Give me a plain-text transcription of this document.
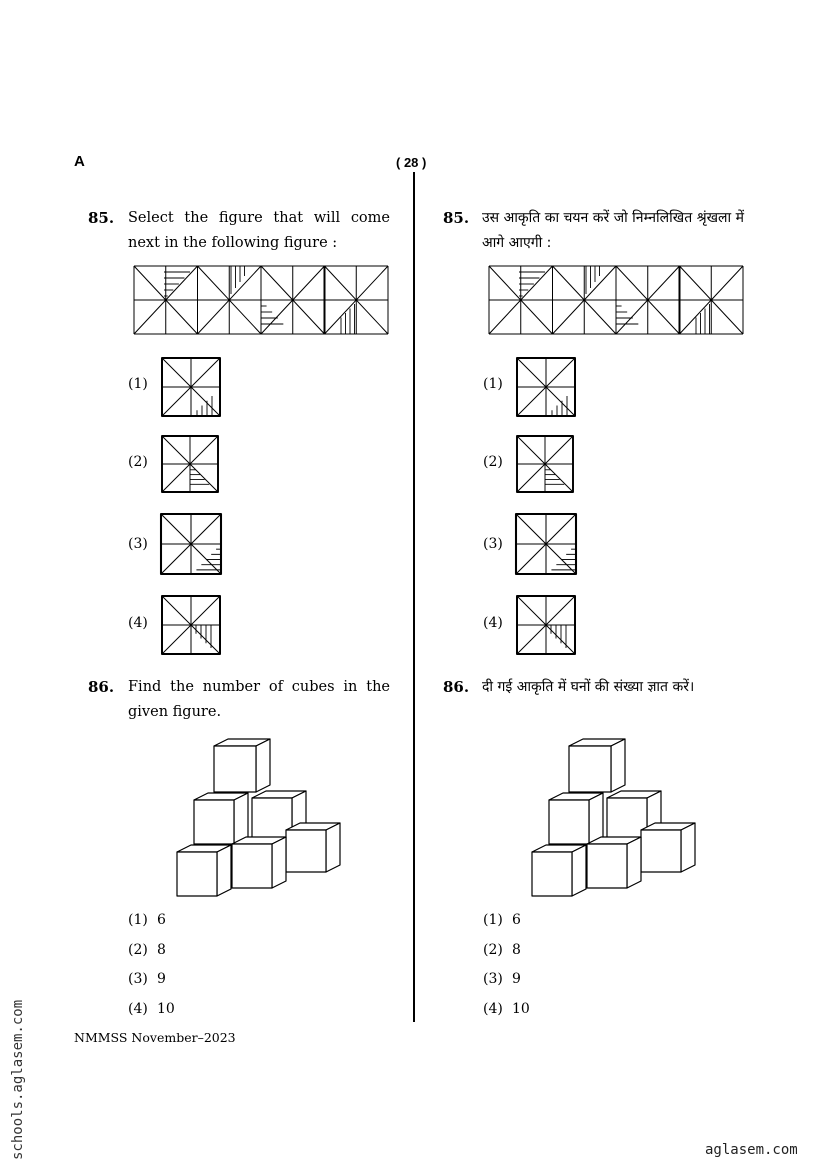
A	( 28 )
85. Select the figure that will come next in the following figure :
(1)
(2)
(3)
(4)
86. Find the number of cubes in the given figure.
(1) 6
(2) 8
(3) 9
(4) 10
85. उस आकृति का चयन करें जो निम्नलिखित श्रृंखला में आगे आएगी :
(1)
(2)
(3)
(4)
86. दी गई आकृति में घनों की संख्या ज्ञात करें।
(1) 6
(2) 8
(3) 9
(4) 10
NMMSS November–2023
schools.aglasem.com	aglasem.com
